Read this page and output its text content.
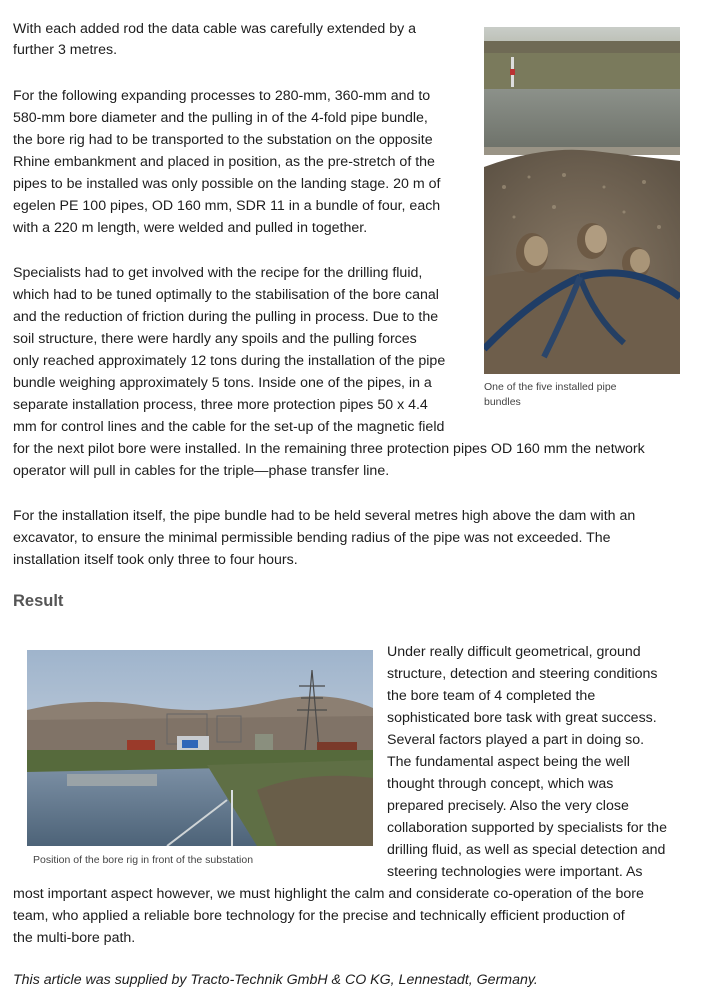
With each added rod the data cable was carefully extended by a
further 3 metres.
For the following expanding processes to 280-mm, 360-mm and to
580-mm bore diameter and the pulling in of the 4-fold pipe bundle,
the bore rig had to be transported to the substation on the opposite
Rhine embankment and placed in position, as the pre-stretch of the
pipes to be installed was only possible on the landing stage. 20 m of
egelen PE 100 pipes, OD 160 mm, SDR 11 in a bundle of four, each
with a 220 m length, were welded and pulled in together.
Specialists had to get involved with the recipe for the drilling fluid,
which had to be tuned optimally to the stabilisation of the bore canal
and the reduction of friction during the pulling in process. Due to the
soil structure, there were hardly any spoils and the pulling forces
only reached approximately 12 tons during the installation of the pipe
bundle weighing approximately 5 tons. Inside one of the pipes, in a
separate installation process, three more protection pipes 50 x 4.4
mm for control lines and the cable for the set-up of the magnetic field
for the next pilot bore were installed. In the remaining three protection pipes OD 160 mm the network
operator will pull in cables for the triple—phase transfer line.
For the installation itself, the pipe bundle had to be held several metres high above the dam with an
excavator, to ensure the minimal permissible bending radius of the pipe was not exceeded. The
installation itself took only three to four hours.
Result
Under really difficult geometrical, ground
structure, detection and steering conditions
the bore team of 4 completed the
sophisticated bore task with great success.
Several factors played a part in doing so.
The fundamental aspect being the well
thought through concept, which was
prepared precisely. Also the very close
collaboration supported by specialists for the
drilling fluid, as well as special detection and
steering technologies were important. As
most important aspect however, we must highlight the calm and considerate co-operation of the bore
team, who applied a reliable bore technology for the precise and technically efficient production of
the multi-bore path.
This article was supplied by Tracto-Technik GmbH & CO KG, Lennestadt, Germany.
One of the five installed pipe
bundles
Position of the bore rig in front of the substation
